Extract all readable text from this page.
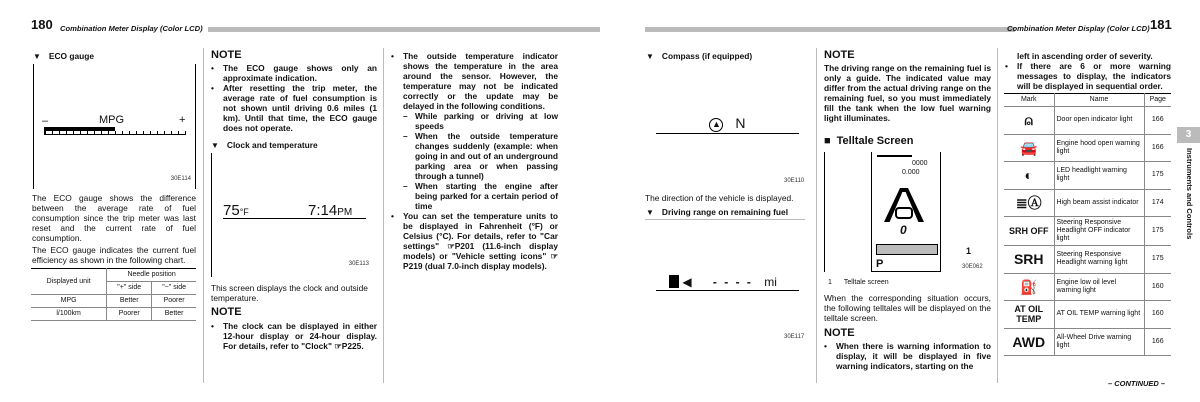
180 Combination Meter Display (Color LCD)
▼ ECO gauge
–	MPG	+
30E114
The ECO gauge shows the difference between the average rate of fuel consumption since the trip meter was last reset and the current rate of fuel consumption.
The ECO gauge indicates the current fuel efficiency as shown in the following chart.
Displayed unit	Needle position	
	"+" side	"−" side
MPG	Better	Poorer
l/100km	Poorer	Better
NOTE
• The ECO gauge shows only an approximate indication.
• After resetting the trip meter, the average rate of fuel consumption is not shown until driving 0.6 miles (1 km). Until that time, the ECO gauge does not operate.
▼ Clock and temperature
75°F	7:14PM
30E113
This screen displays the clock and outside temperature.
NOTE
• The clock can be displayed in either 12-hour display or 24-hour display. For details, refer to "Clock" ☞P225.
• The outside temperature indicator shows the temperature in the area around the sensor. However, the temperature may not be indicated correctly or the update may be delayed in the following conditions.
– While parking or driving at low speeds
– When the outside temperature changes suddenly (example: when going in and out of an underground parking area or when passing through a tunnel)
– When starting the engine after being parked for a certain period of time
• You can set the temperature units to be displayed in Fahrenheit (°F) or Celsius (°C). For details, refer to "Car settings" ☞P201 (11.6-inch display models) or "Vehicle setting icons" ☞P219 (dual 7.0-inch display models).
Combination Meter Display (Color LCD) 181
▼ Compass (if equipped)
▲ N
30E110
The direction of the vehicle is displayed.
▼ Driving range on remaining fuel
◀ - - - - mi
30E117
NOTE
The driving range on the remaining fuel is only a guide. The indicated value may differ from the actual driving range on the remaining fuel, so you must immediately fill the tank when the low fuel warning light illuminates.
■ Telltale Screen
0000
0.000
0
P
1
30E062
1 Telltale screen
When the corresponding situation occurs, the following telltales will be displayed on the telltale screen.
NOTE
• When there is warning information to display, it will be displayed in five warning indicators, starting on the
left in ascending order of severity.
• If there are 6 or more warning messages to display, the indicators will be displayed in sequential order.
Mark	Name	Page
⍝	Door open indicator light	166
🚘	Engine hood open warning light	166
◐	LED headlight warning light	175
≣Ⓐ	High beam assist indicator	174
SRH OFF	Steering Responsive Headlight OFF indicator light	175
SRH	Steering Responsive Headlight warning light	175
⛽	Engine low oil level warning light	160
AT OIL TEMP	AT OIL TEMP warning light	160
AWD	All-Wheel Drive warning light	166
3
Instruments and Controls
– CONTINUED –
